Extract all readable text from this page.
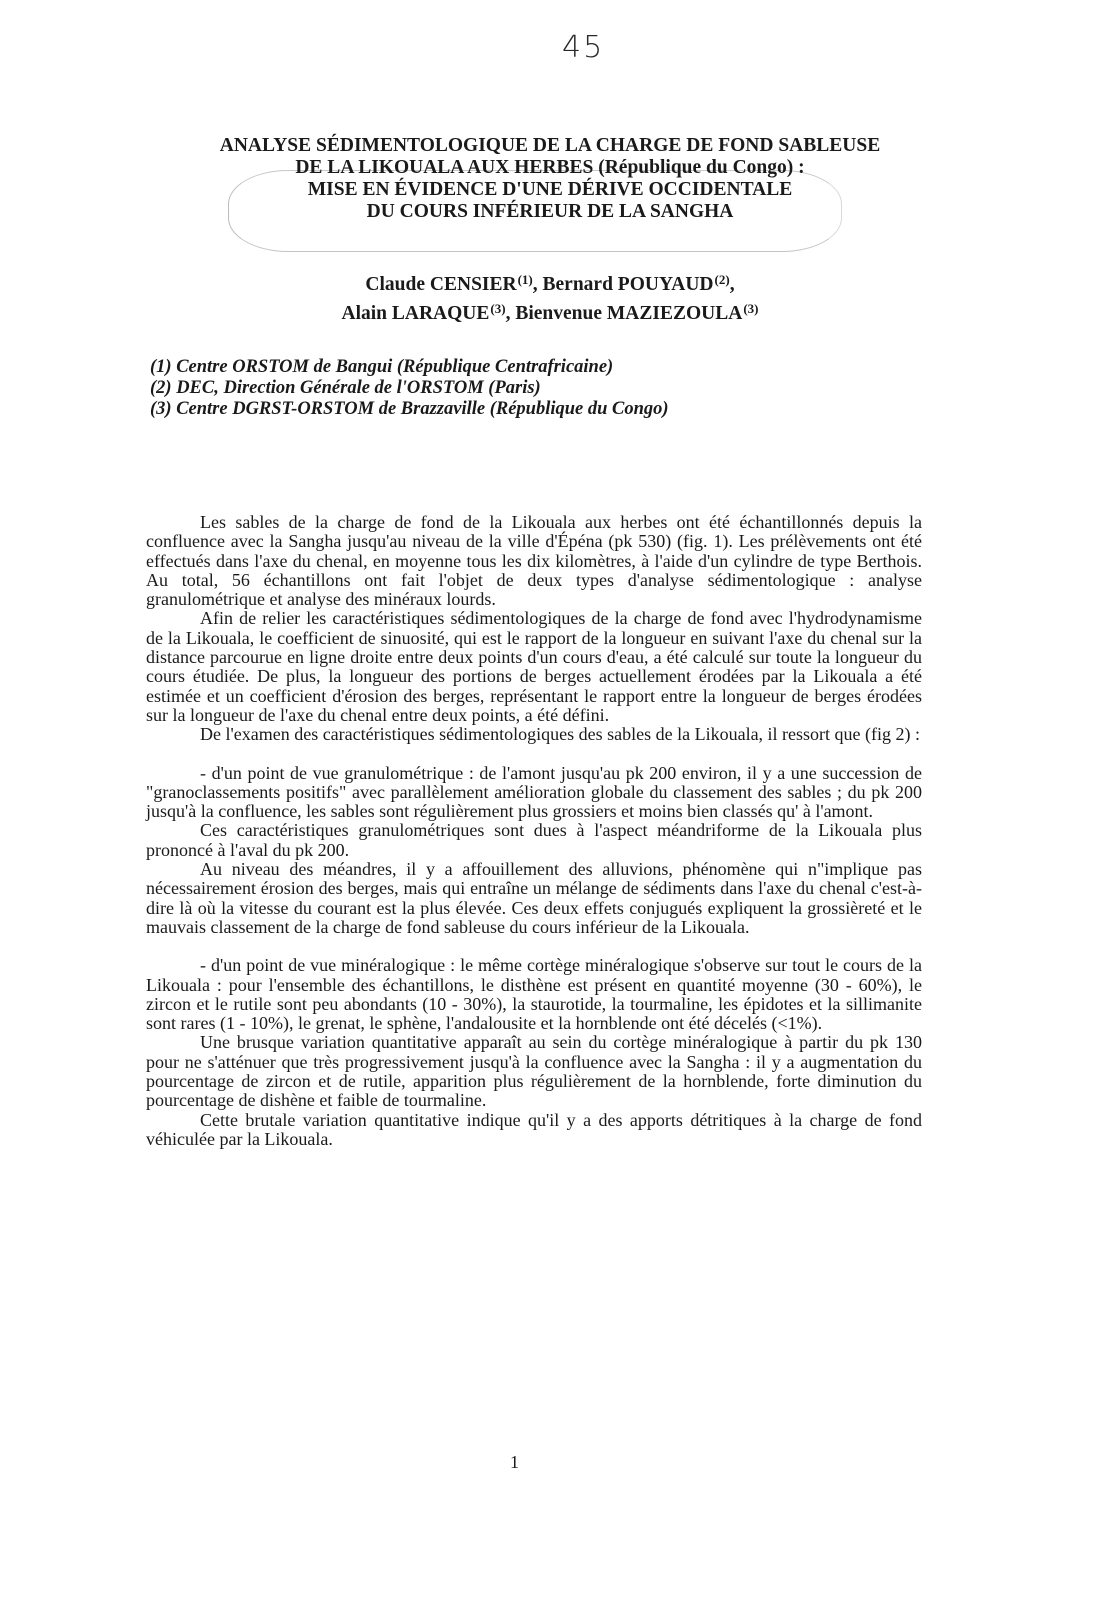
45
ANALYSE SÉDIMENTOLOGIQUE DE LA CHARGE DE FOND SABLEUSE
DE LA LIKOUALA AUX HERBES (République du Congo) :
MISE EN ÉVIDENCE D'UNE DÉRIVE OCCIDENTALE
DU COURS INFÉRIEUR DE LA SANGHA
Claude CENSIER$^{(1)}$, Bernard POUYAUD$^{(2)}$,
Alain LARAQUE$^{(3)}$, Bienvenue MAZIEZOULA$^{(3)}$
(1) Centre ORSTOM de Bangui (République Centrafricaine)
(2) DEC, Direction Générale de l'ORSTOM (Paris)
(3) Centre DGRST-ORSTOM de Brazzaville (République du Congo)

Les sables de la charge de fond de la Likouala aux herbes ont été échantillonnés depuis la confluence avec la Sangha jusqu'au niveau de la ville d'Épéna (pk 530) (fig. 1). Les prélèvements ont été effectués dans l'axe du chenal, en moyenne tous les dix kilomètres, à l'aide d'un cylindre de type Berthois. Au total, 56 échantillons ont fait l'objet de deux types d'analyse sédimentologique : analyse granulométrique et analyse des minéraux lourds.

Afin de relier les caractéristiques sédimentologiques de la charge de fond avec l'hydrodynamisme de la Likouala, le coefficient de sinuosité, qui est le rapport de la longueur en suivant l'axe du chenal sur la distance parcourue en ligne droite entre deux points d'un cours d'eau, a été calculé sur toute la longueur du cours étudiée. De plus, la longueur des portions de berges actuellement érodées par la Likouala a été estimée et un coefficient d'érosion des berges, représentant le rapport entre la longueur de berges érodées sur la longueur de l'axe du chenal entre deux points, a été défini.

De l'examen des caractéristiques sédimentologiques des sables de la Likouala, il ressort que (fig 2) :

- d'un point de vue granulométrique : de l'amont jusqu'au pk 200 environ, il y a une succession de "granoclassements positifs" avec parallèlement amélioration globale du classement des sables ; du pk 200 jusqu'à la confluence, les sables sont régulièrement plus grossiers et moins bien classés qu' à l'amont.

Ces caractéristiques granulométriques sont dues à l'aspect méandriforme de la Likouala plus prononcé à l'aval du pk 200.

Au niveau des méandres, il y a affouillement des alluvions, phénomène qui n"implique pas nécessairement érosion des berges, mais qui entraîne un mélange de sédiments dans l'axe du chenal c'est-à-dire là où la vitesse du courant est la plus élevée. Ces deux effets conjugués expliquent la grossièreté et le mauvais classement de la charge de fond sableuse du cours inférieur de la Likouala.

- d'un point de vue minéralogique : le même cortège minéralogique s'observe sur tout le cours de la Likouala : pour l'ensemble des échantillons, le disthène est présent en quantité moyenne (30 - 60%), le zircon et le rutile sont peu abondants (10 - 30%), la staurotide, la tourmaline, les épidotes et la sillimanite sont rares (1 - 10%), le grenat, le sphène, l'andalousite et la hornblende ont été décelés (<1%).

Une brusque variation quantitative apparaît au sein du cortège minéralogique à partir du pk 130 pour ne s'atténuer que très progressivement jusqu'à la confluence avec la Sangha : il y a augmentation du pourcentage de zircon et de rutile, apparition plus régulièrement de la hornblende, forte diminution du pourcentage de dishène et faible de tourmaline.

Cette brutale variation quantitative indique qu'il y a des apports détritiques à la charge de fond véhiculée par la Likouala.

1
